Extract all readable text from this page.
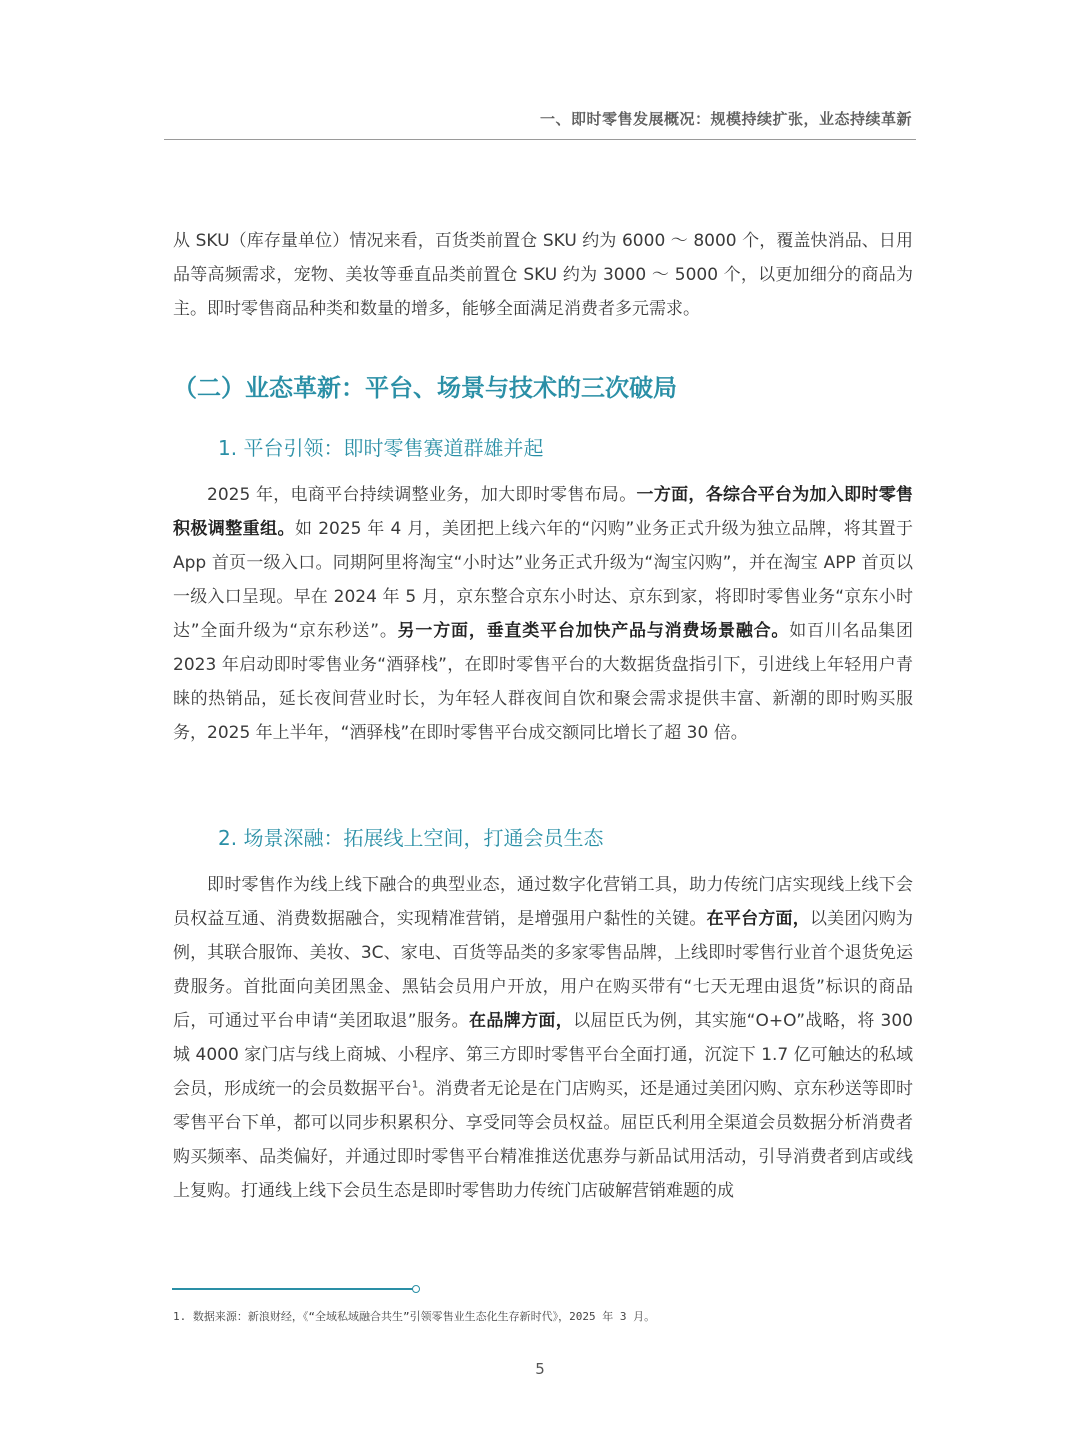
一、即时零售发展概况：规模持续扩张，业态持续革新

从 SKU（库存量单位）情况来看，百货类前置仓 SKU 约为 6000 ～ 8000 个，覆盖快消品、日用品等高频需求，宠物、美妆等垂直品类前置仓 SKU 约为 3000 ～ 5000 个，以更加细分的商品为主。即时零售商品种类和数量的增多，能够全面满足消费者多元需求。

（二）业态革新：平台、场景与技术的三次破局
1. 平台引领：即时零售赛道群雄并起

2025 年，电商平台持续调整业务，加大即时零售布局。一方面，各综合平台为加入即时零售积极调整重组。如 2025 年 4 月，美团把上线六年的“闪购”业务正式升级为独立品牌，将其置于 App 首页一级入口。同期阿里将淘宝“小时达”业务正式升级为“淘宝闪购”，并在淘宝 APP 首页以一级入口呈现。早在 2024 年 5 月，京东整合京东小时达、京东到家，将即时零售业务“京东小时达”全面升级为“京东秒送”。另一方面，垂直类平台加快产品与消费场景融合。如百川名品集团 2023 年启动即时零售业务“酒驿栈”，在即时零售平台的大数据货盘指引下，引进线上年轻用户青睐的热销品，延长夜间营业时长，为年轻人群夜间自饮和聚会需求提供丰富、新潮的即时购买服务，2025 年上半年，“酒驿栈”在即时零售平台成交额同比增长了超 30 倍。

2. 场景深融：拓展线上空间，打通会员生态

即时零售作为线上线下融合的典型业态，通过数字化营销工具，助力传统门店实现线上线下会员权益互通、消费数据融合，实现精准营销，是增强用户黏性的关键。在平台方面，以美团闪购为例，其联合服饰、美妆、3C、家电、百货等品类的多家零售品牌，上线即时零售行业首个退货免运费服务。首批面向美团黑金、黑钻会员用户开放，用户在购买带有“七天无理由退货”标识的商品后，可通过平台申请“美团取退”服务。在品牌方面，以屈臣氏为例，其实施“O+O”战略，将 300 城 4000 家门店与线上商城、小程序、第三方即时零售平台全面打通，沉淀下 1.7 亿可触达的私域会员，形成统一的会员数据平台$^1$。消费者无论是在门店购买，还是通过美团闪购、京东秒送等即时零售平台下单，都可以同步积累积分、享受同等会员权益。屈臣氏利用全渠道会员数据分析消费者购买频率、品类偏好，并通过即时零售平台精准推送优惠券与新品试用活动，引导消费者到店或线上复购。打通线上线下会员生态是即时零售助力传统门店破解营销难题的成

1. 数据来源：新浪财经，《“全域私域融合共生”引领零售业生态化生存新时代》，2025 年 3 月。
5
